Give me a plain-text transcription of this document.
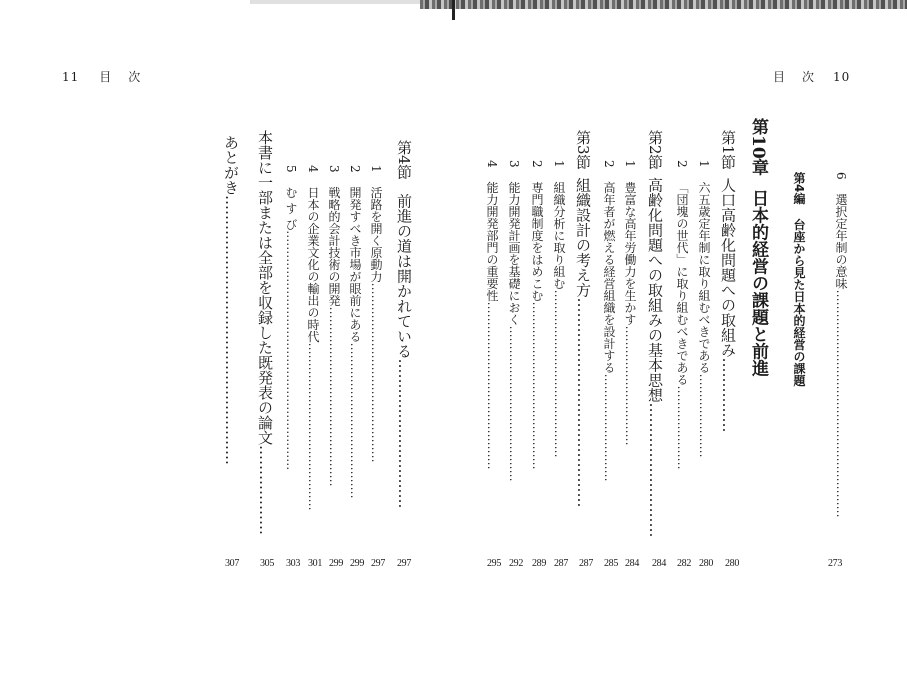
11 目 次	目 次 10
6選択定年制の意味…………………………………………………
273
第4編台座から見た日本的経営の課題
第10章日本的経営の課題と前進
第1節人口高齢化問題への取組み……………
280
1六五歳定年制に取り組むべきである…………………
280
2「団塊の世代」に取り組むべきである…………………
282
第2節高齢化問題への取組みの基本思想………………………
284
1豊富な高年労働力を生かす…………………………
284
2高年者が燃える経営組織を設計する………………………
285
第3節組織設計の考え方……………………………………
287
1組織分析に取り組む……………………………………
287
2専門職制度をはめこむ……………………………………
289
3能力開発計画を基礎におく…………………………………
292
4能力開発部門の重要性……………………………………
295
第4節前進の道は開かれている…………………………
297
1活路を開く原動力………………………………………
297
2開発すべき市場が眼前にある…………………………………
299
3戦略的会計技術の開発………………………………………
299
4日本の企業文化の輸出の時代……………………………………
301
5む す び……………………………………………………
303
本書に一部または全部を収録した既発表の論文………………
305
あとがき………………………………………………
307
